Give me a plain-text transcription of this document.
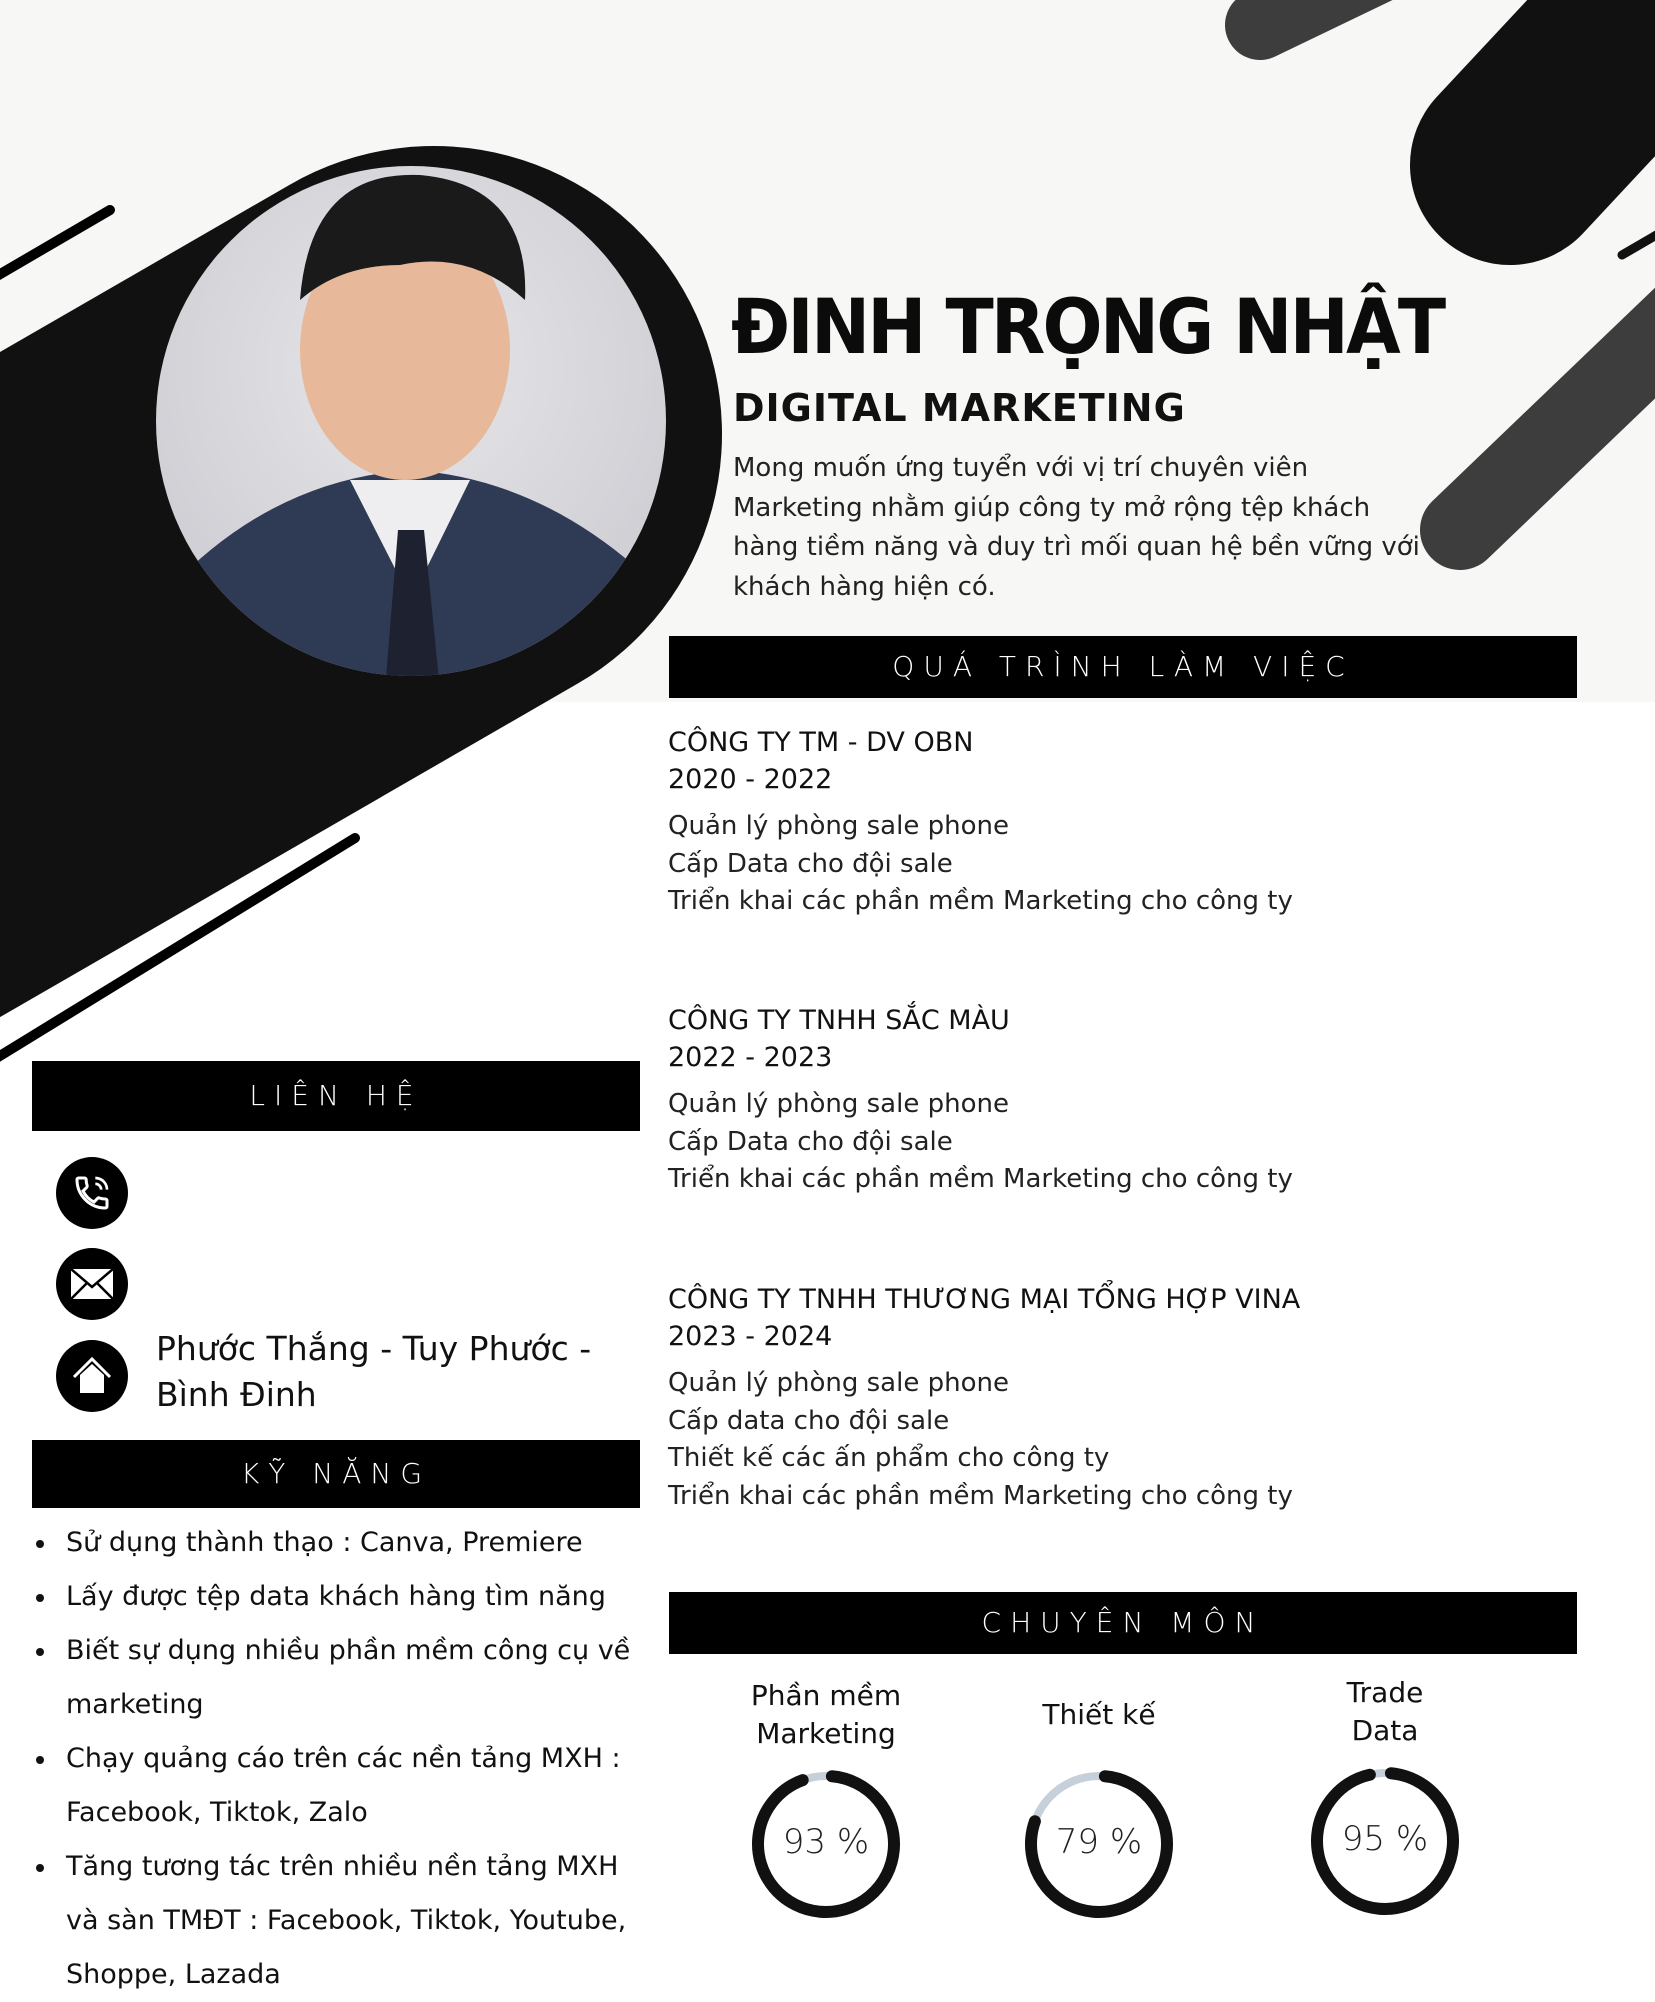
ĐINH TRỌNG NHẬT
DIGITAL MARKETING
Mong muốn ứng tuyển với vị trí chuyên viên Marketing nhằm giúp công ty mở rộng tệp khách hàng tiềm năng và duy trì mối quan hệ bền vững với khách hàng hiện có.
QUÁ TRÌNH LÀM VIỆC
CÔNG TY TM - DV OBN
2020 - 2022
Quản lý phòng sale phone
Cấp Data cho đội sale
Triển khai các phần mềm Marketing cho công ty
CÔNG TY TNHH SẮC MÀU
2022 - 2023
Quản lý phòng sale phone
Cấp Data cho đội sale
Triển khai các phần mềm Marketing cho công ty
CÔNG TY TNHH THƯƠNG MẠI TỔNG HỢP VINA
2023 - 2024
Quản lý phòng sale phone
Cấp data cho đội sale
Thiết kế các ấn phẩm cho công ty
Triển khai các phần mềm Marketing cho công ty
LIÊN HỆ
Phước Thắng - Tuy Phước -
Bình Đinh
KỸ NĂNG
Sử dụng thành thạo : Canva, Premiere
Lấy được tệp data khách hàng tìm năng
Biết sự dụng nhiều phần mềm công cụ về marketing
Chạy quảng cáo trên các nền tảng MXH : Facebook, Tiktok, Zalo
Tăng tương tác trên nhiều nền tảng MXH và sàn TMĐT : Facebook, Tiktok, Youtube, Shoppe, Lazada
CHUYÊN MÔN
Phần mềm Marketing
Thiết kế
Trade Data
93 %	79 %	95 %
